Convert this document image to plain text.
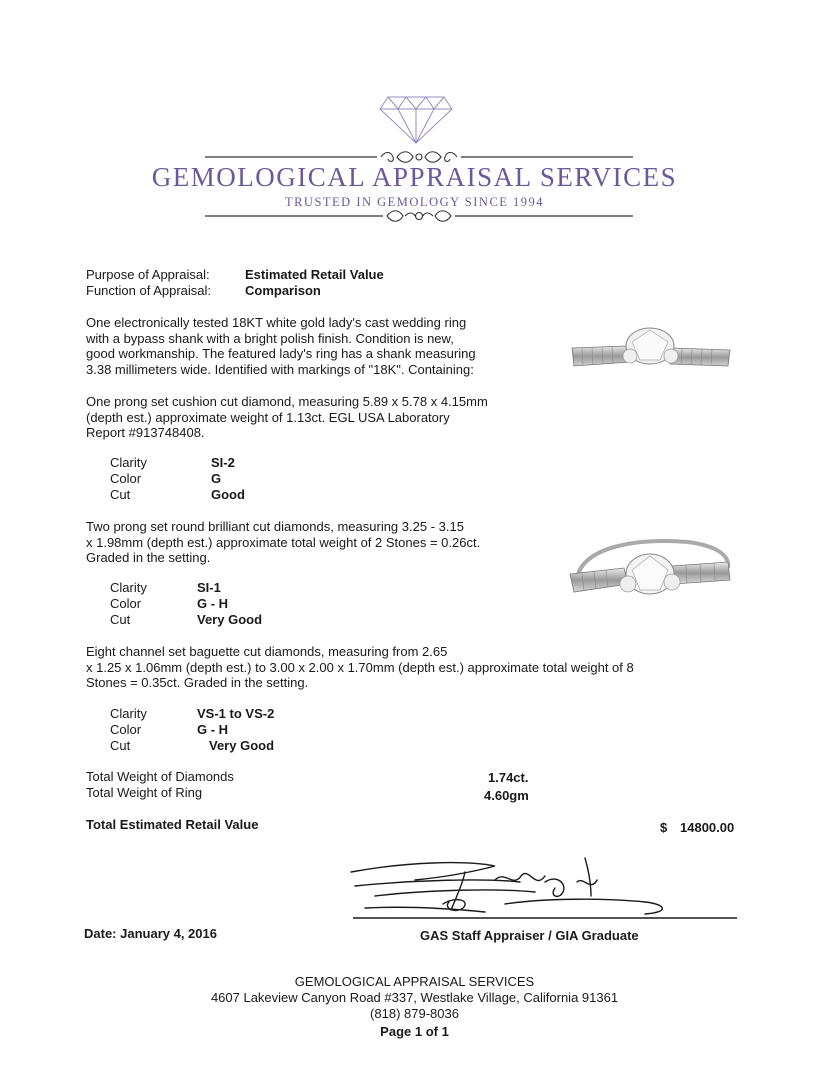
GEMOLOGICAL APPRAISAL SERVICES
TRUSTED IN GEMOLOGY SINCE 1994
Purpose of Appraisal:	Estimated Retail Value
Function of Appraisal:	Comparison
One electronically tested 18KT white gold lady's cast wedding ring
with a bypass shank with a bright polish finish. Condition is new,
good workmanship. The featured lady's ring has a shank measuring
3.38 millimeters wide. Identified with markings of "18K". Containing:
One prong set cushion cut diamond, measuring 5.89 x 5.78 x 4.15mm
(depth est.) approximate weight of 1.13ct. EGL USA Laboratory
Report #913748408.
Clarity	SI-2
Color	G
Cut	Good
Two prong set round brilliant cut diamonds, measuring 3.25 - 3.15
x 1.98mm (depth est.) approximate total weight of 2 Stones = 0.26ct.
Graded in the setting.
Clarity	SI-1
Color	G - H
Cut	Very Good
Eight channel set baguette cut diamonds, measuring from 2.65
x 1.25 x 1.06mm (depth est.) to 3.00 x 2.00 x 1.70mm (depth est.) approximate total weight of 8
Stones = 0.35ct. Graded in the setting.
Clarity	VS-1 to VS-2
Color	G - H
Cut	Very Good
Total Weight of Diamonds	1.74ct.
Total Weight of Ring	4.60gm
Total Estimated Retail Value	$ 14800.00
Date: January 4, 2016	GAS Staff Appraiser / GIA Graduate
GEMOLOGICAL APPRAISAL SERVICES
4607 Lakeview Canyon Road #337, Westlake Village, California 91361
(818) 879-8036
Page 1 of 1
